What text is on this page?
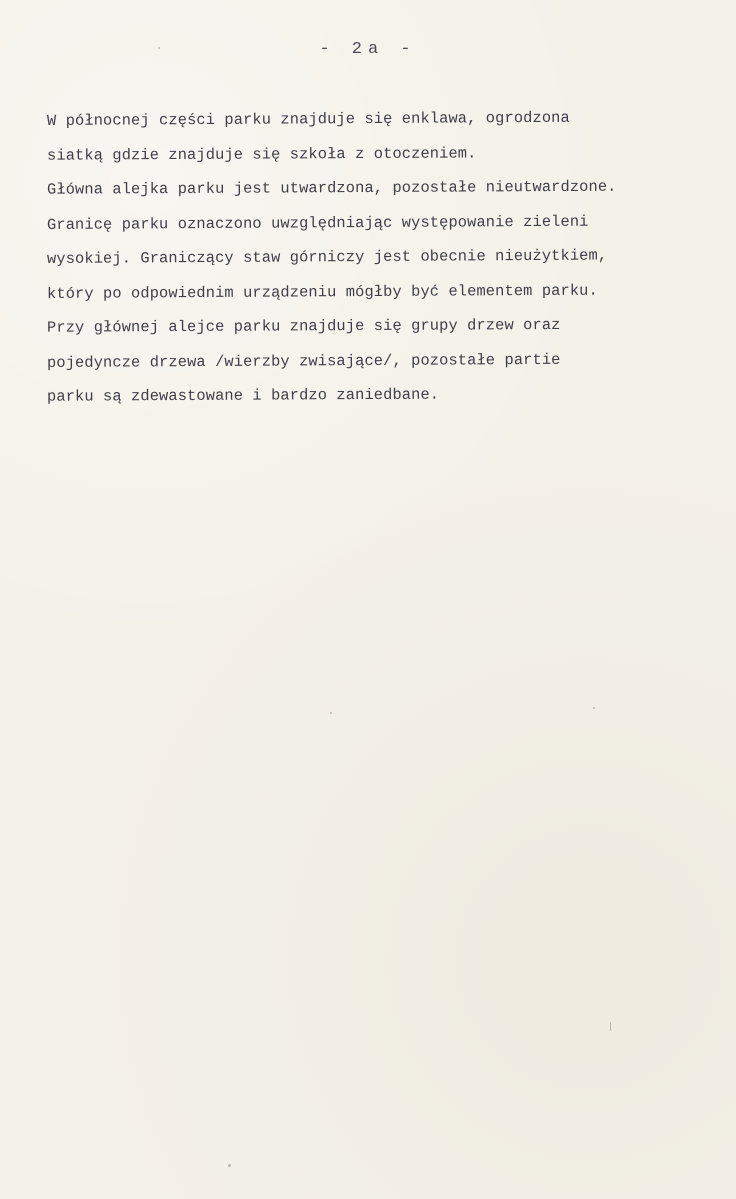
- 2a -
W północnej części parku znajduje się enklawa, ogrodzona
siatką gdzie znajduje się szkoła z otoczeniem.
Główna alejka parku jest utwardzona, pozostałe nieutwardzone.
Granicę parku oznaczono uwzględniając występowanie zieleni
wysokiej. Graniczący staw górniczy jest obecnie nieużytkiem,
który po odpowiednim urządzeniu mógłby być elementem parku.
Przy głównej alejce parku znajduje się grupy drzew oraz
pojedyncze drzewa /wierzby zwisające/, pozostałe partie
parku są zdewastowane i bardzo zaniedbane.
